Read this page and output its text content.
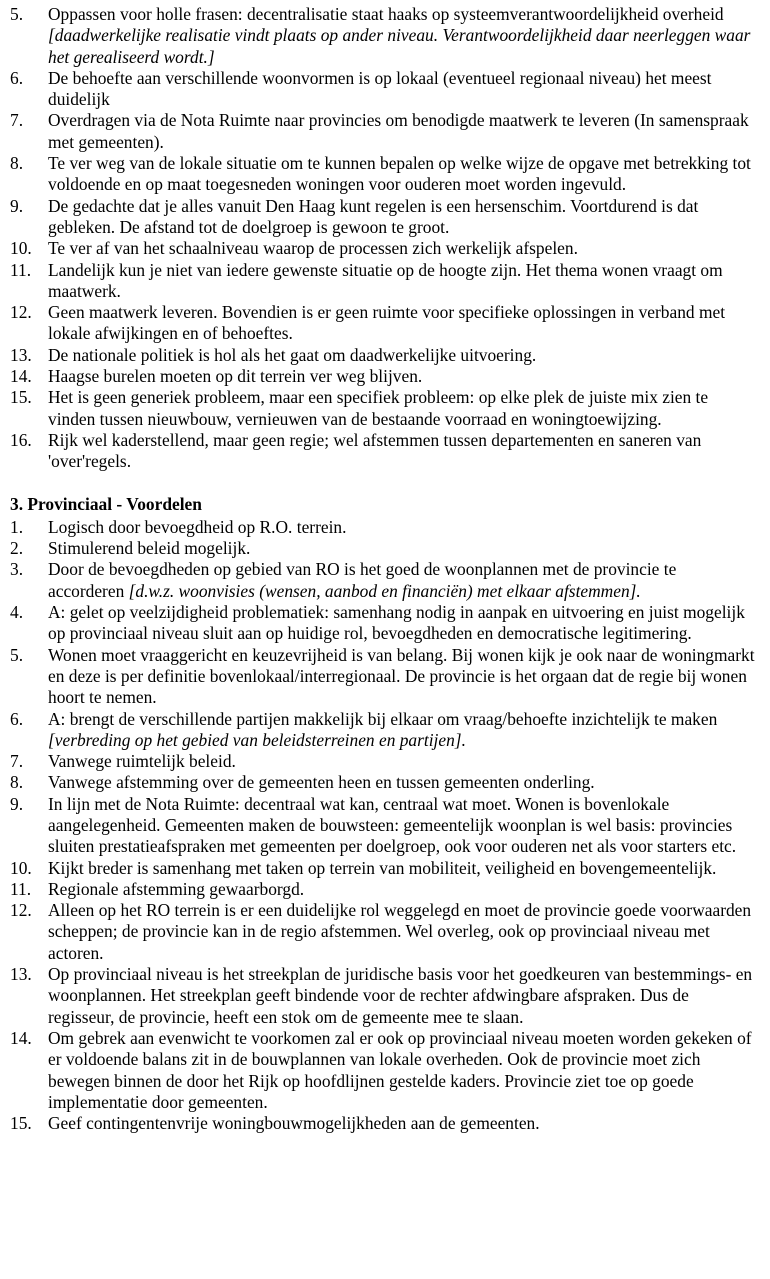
5.	Oppassen voor holle frasen: decentralisatie staat haaks op systeemverantwoordelijkheid overheid [daadwerkelijke realisatie vindt plaats op ander niveau. Verantwoordelijkheid daar neerleggen waar het gerealiseerd wordt.]
6.	De behoefte aan verschillende woonvormen is op lokaal (eventueel regionaal niveau) het meest duidelijk
7.	Overdragen via de Nota Ruimte naar provincies om benodigde maatwerk te leveren (In samenspraak met gemeenten).
8.	Te ver weg van de lokale situatie om te kunnen bepalen op welke wijze de opgave met betrekking tot voldoende en op maat toegesneden woningen voor ouderen moet worden ingevuld.
9.	De gedachte dat je alles vanuit Den Haag kunt regelen is een hersenschim. Voortdurend is dat gebleken. De afstand tot de doelgroep is gewoon te groot.
10. Te ver af van het schaalniveau waarop de processen zich werkelijk afspelen.
11. Landelijk kun je niet van iedere gewenste situatie op de hoogte zijn. Het thema wonen vraagt om maatwerk.
12. Geen maatwerk leveren. Bovendien is er geen ruimte voor specifieke oplossingen in verband met lokale afwijkingen en of behoeftes.
13. De nationale politiek is hol als het gaat om daadwerkelijke uitvoering.
14. Haagse burelen moeten op dit terrein ver weg blijven.
15. Het is geen generiek probleem, maar een specifiek probleem: op elke plek de juiste mix zien te vinden tussen nieuwbouw, vernieuwen van de bestaande voorraad en woningtoewijzing.
16. Rijk wel kaderstellend, maar geen regie; wel afstemmen tussen departementen en saneren van 'over'regels.
3. Provinciaal - Voordelen
1.	Logisch door bevoegdheid op R.O. terrein.
2.	Stimulerend beleid mogelijk.
3.	Door de bevoegdheden op gebied van RO is het goed de woonplannen met de provincie te accorderen [d.w.z. woonvisies (wensen, aanbod en financiën) met elkaar afstemmen].
4.	A: gelet op veelzijdigheid problematiek: samenhang nodig in aanpak en uitvoering en juist mogelijk op provinciaal niveau sluit aan op huidige rol, bevoegdheden en democratische legitimering.
5.	Wonen moet vraaggericht en keuzevrijheid is van belang. Bij wonen kijk je ook naar de woningmarkt en deze is per definitie bovenlokaal/interregionaal. De provincie is het orgaan dat de regie bij wonen hoort te nemen.
6.	A: brengt de verschillende partijen makkelijk bij elkaar om vraag/behoefte inzichtelijk te maken [verbreding op het gebied van beleidsterreinen en partijen].
7.	Vanwege ruimtelijk beleid.
8.	Vanwege afstemming over de gemeenten heen en tussen gemeenten onderling.
9.	In lijn met de Nota Ruimte: decentraal wat kan, centraal wat moet. Wonen is bovenlokale aangelegenheid. Gemeenten maken de bouwsteen: gemeentelijk woonplan is wel basis: provincies sluiten prestatieafspraken met gemeenten per doelgroep, ook voor ouderen net als voor starters etc.
10. Kijkt breder is samenhang met taken op terrein van mobiliteit, veiligheid en bovengemeentelijk.
11. Regionale afstemming gewaarborgd.
12. Alleen op het RO terrein is er een duidelijke rol weggelegd en moet de provincie goede voorwaarden scheppen; de provincie kan in de regio afstemmen. Wel overleg, ook op provinciaal niveau met actoren.
13. Op provinciaal niveau is het streekplan de juridische basis voor het goedkeuren van bestemmings- en woonplannen. Het streekplan geeft bindende voor de rechter afdwingbare afspraken. Dus de regisseur, de provincie, heeft een stok om de gemeente mee te slaan.
14. Om gebrek aan evenwicht te voorkomen zal er ook op provinciaal niveau moeten worden gekeken of er voldoende balans zit in de bouwplannen van lokale overheden. Ook de provincie moet zich bewegen binnen de door het Rijk op hoofdlijnen gestelde kaders. Provincie ziet toe op goede implementatie door gemeenten.
15. Geef contingentenvrije woningbouwmogelijkheden aan de gemeenten.
